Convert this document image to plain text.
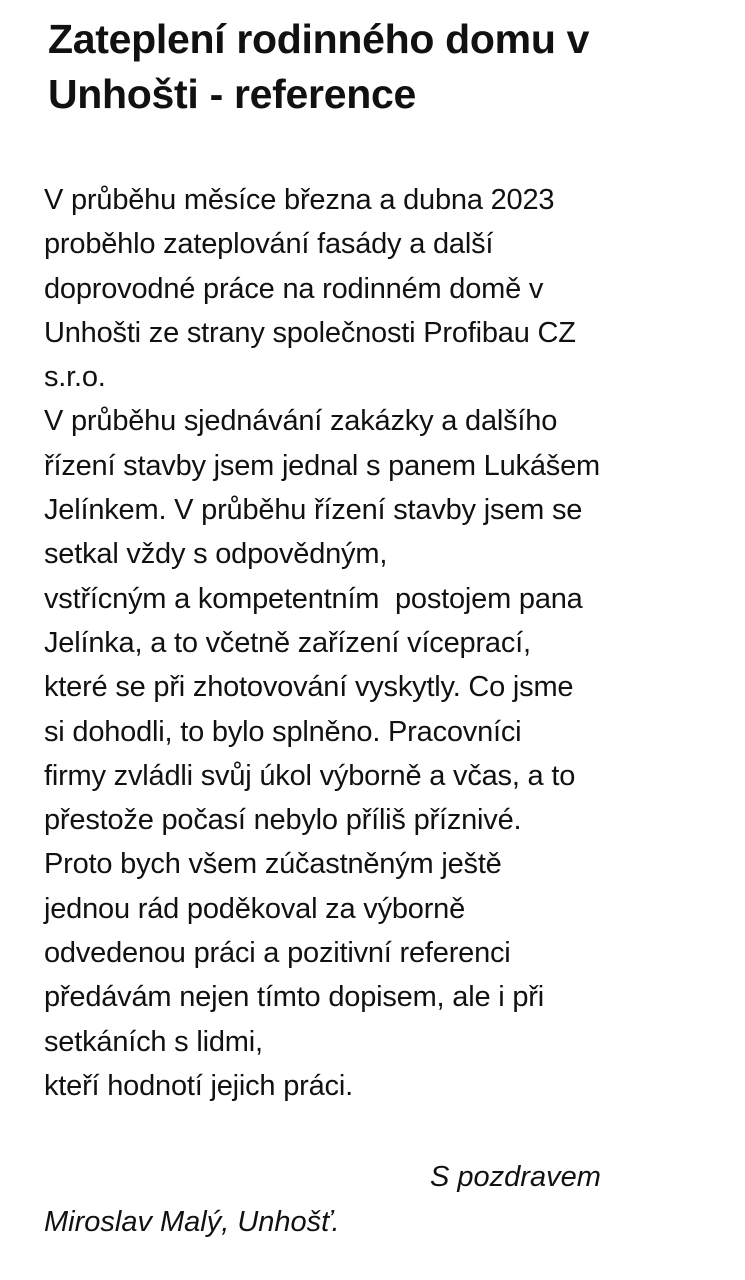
Zateplení rodinného domu v
Unhošti - reference
V průběhu měsíce března a dubna 2023
proběhlo zateplování fasády a další
doprovodné práce na rodinném domě v
Unhošti ze strany společnosti Profibau CZ
s.r.o.
V průběhu sjednávání zakázky a dalšího
řízení stavby jsem jednal s panem Lukášem
Jelínkem. V průběhu řízení stavby jsem se
setkal vždy s odpovědným,
vstřícným a kompetentním  postojem pana
Jelínka, a to včetně zařízení víceprací,
které se při zhotovování vyskytly. Co jsme
si dohodli, to bylo splněno. Pracovníci
firmy zvládli svůj úkol výborně a včas, a to
přestože počasí nebylo příliš příznivé.
Proto bych všem zúčastněným ještě
jednou rád poděkoval za výborně
odvedenou práci a pozitivní referenci
předávám nejen tímto dopisem, ale i při
setkáních s lidmi,
kteří hodnotí jejich práci.
S pozdravem
Miroslav Malý, Unhošť.
